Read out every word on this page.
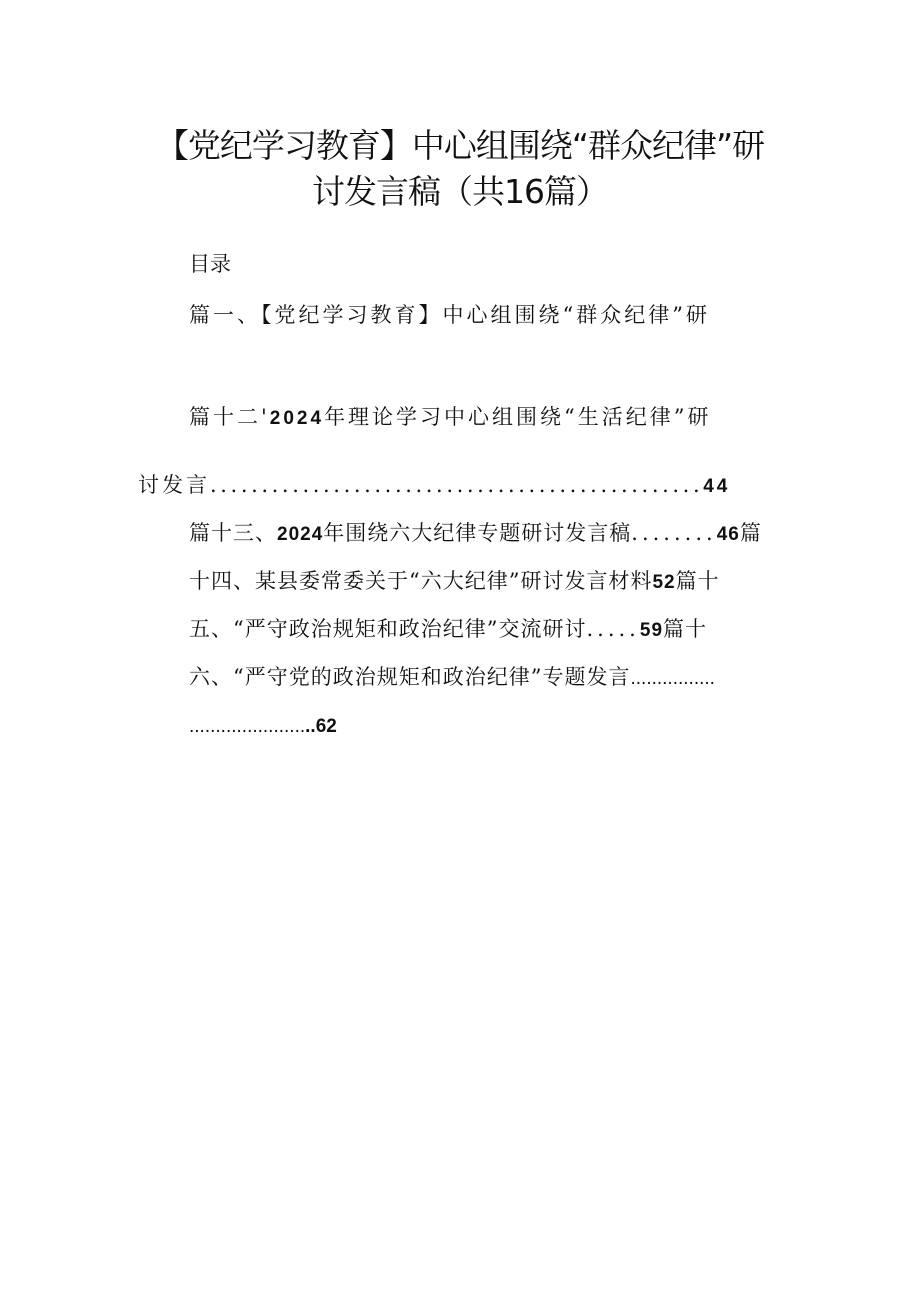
【党纪学习教育】中心组围绕“群众纪律”研
讨发言稿（共16篇）
目录
篇一、【党纪学习教育】中心组围绕“群众纪律”研
篇十二'2024年理论学习中心组围绕“生活纪律”研
讨发言................................................44
篇十三、2024年围绕六大纪律专题研讨发言稿........46篇
十四、某县委常委关于“六大纪律”研讨发言材料52篇十
五、“严守政治规矩和政治纪律”交流研讨.....59篇十
六、“严守党的政治规矩和政治纪律”专题发言................
........................62
